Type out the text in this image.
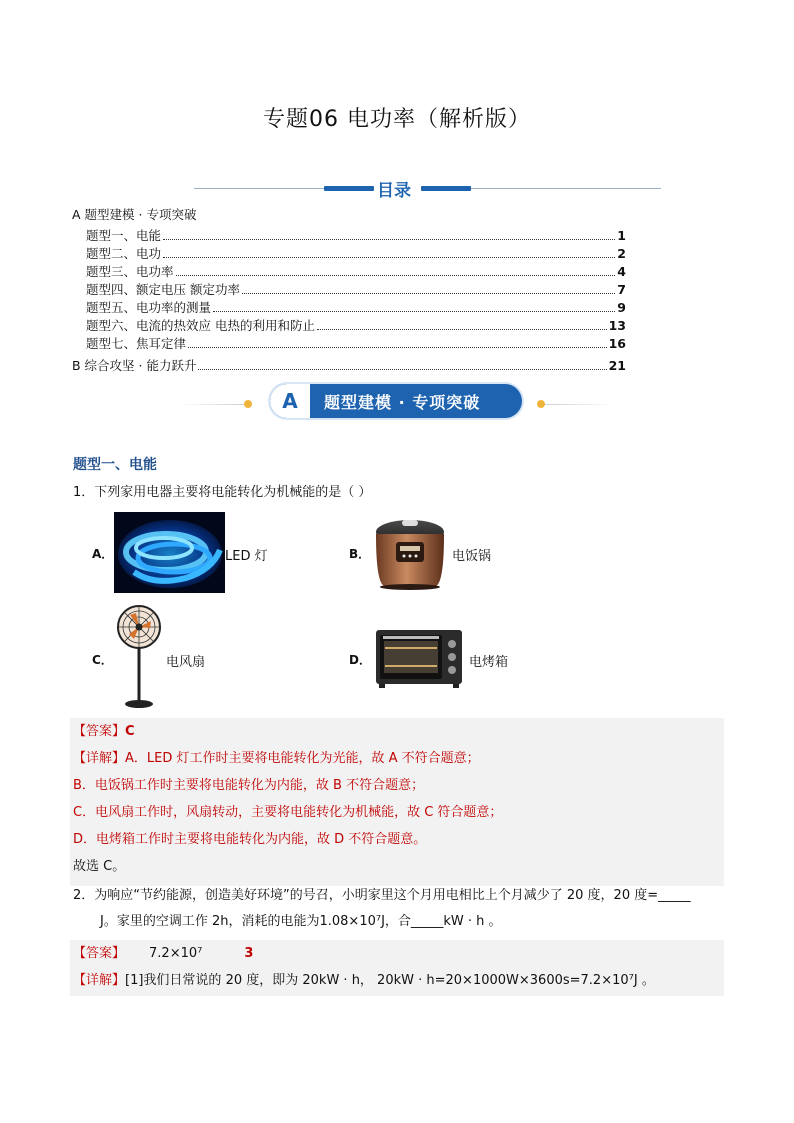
专题06 电功率（解析版）
目录
A 题型建模 · 专项突破
题型一、电能	1
题型二、电功	2
题型三、电功率	4
题型四、额定电压 额定功率	7
题型五、电功率的测量	9
题型六、电流的热效应 电热的利用和防止	13
题型七、焦耳定律	16
B 综合攻坚 · 能力跃升	21
A	题型建模 · 专项突破
题型一、电能
1．下列家用电器主要将电能转化为机械能的是（ ）
A．	LED 灯	B．	电饭锅
C．	电风扇	D．	电烤箱
【答案】C
【详解】A．LED 灯工作时主要将电能转化为光能，故 A 不符合题意；
B．电饭锅工作时主要将电能转化为内能，故 B 不符合题意；
C．电风扇工作时，风扇转动，主要将电能转化为机械能，故 C 符合题意；
D．电烤箱工作时主要将电能转化为内能，故 D 不符合题意。
故选 C。
2．为响应“节约能源，创造美好环境”的号召，小明家里这个月用电相比上个月减少了 20 度，20 度=_____
J。家里的空调工作 2h，消耗的电能为1.08×10⁷J，合_____kW · h 。
【答案】 7.2×10⁷	3
【详解】[1]我们日常说的 20 度，即为 20kW · h， 20kW · h=20×1000W×3600s=7.2×10⁷J 。
